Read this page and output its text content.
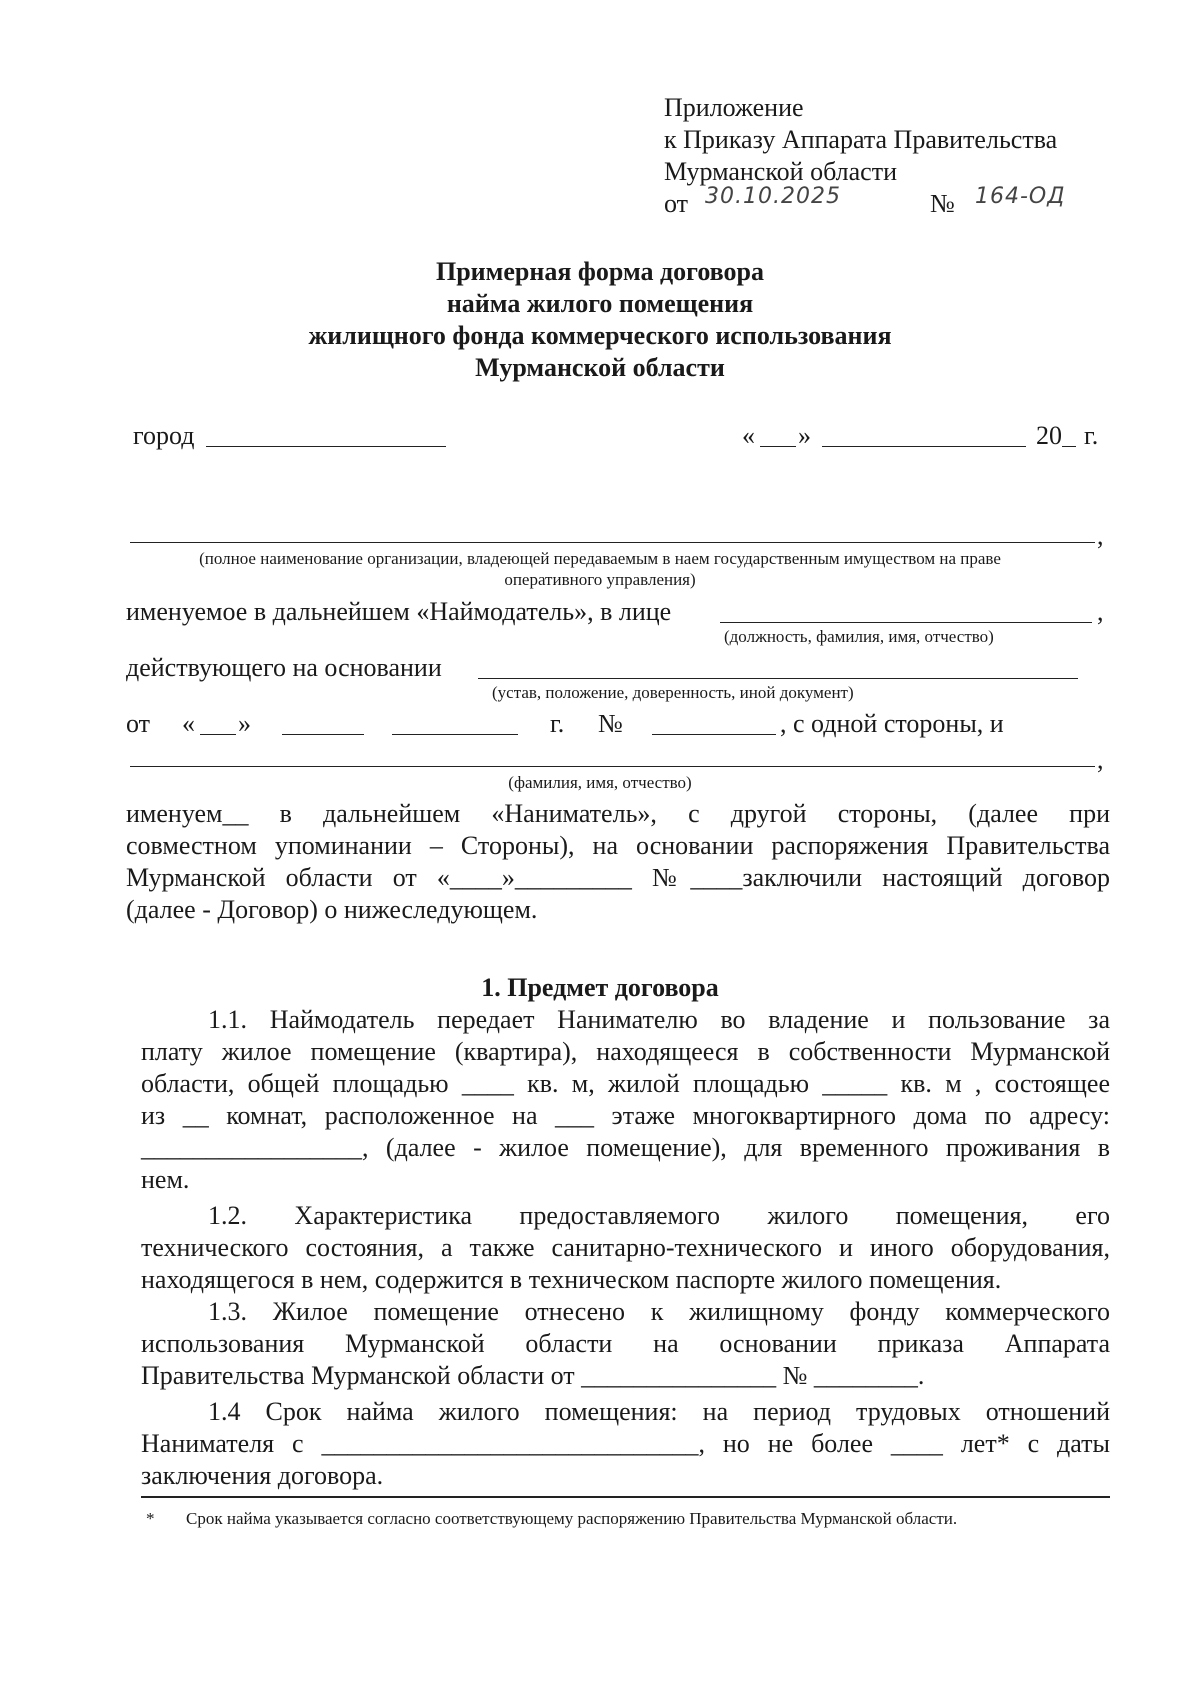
Приложение
к Приказу Аппарата Правительства
Мурманской области
от 30.10.2025	№ 164-ОД
Примерная форма договора
найма жилого помещения
жилищного фонда коммерческого использования
Мурманской области
город	« »	20 г.
,
(полное наименование организации, владеющей передаваемым в наем государственным имуществом на праве
оперативного управления)
именуемое в дальнейшем «Наймодатель», в лице	,
(должность, фамилия, имя, отчество)
действующего на основании
(устав, положение, доверенность, иной документ)
от « »	г. №	, с одной стороны, и
,
(фамилия, имя, отчество)
именуем__ в дальнейшем «Наниматель», с другой стороны, (далее при
совместном упоминании – Стороны), на основании распоряжения Правительства
Мурманской области от «____»_________ №____заключили настоящий договор
(далее - Договор) о нижеследующем.
1. Предмет договора
1.1. Наймодатель передает Нанимателю во владение и пользование за
плату жилое помещение (квартира), находящееся в собственности Мурманской
области, общей площадью ____ кв. м, жилой площадью _____ кв. м , состоящее
из __ комнат, расположенное на ___ этаже многоквартирного дома по адресу:
_________________, (далее - жилое помещение), для временного проживания в
нем.
1.2. Характеристика предоставляемого жилого помещения, его
технического состояния, а также санитарно-технического и иного оборудования,
находящегося в нем, содержится в техническом паспорте жилого помещения.
1.3. Жилое помещение отнесено к жилищному фонду коммерческого
использования Мурманской области на основании приказа Аппарата
Правительства Мурманской области от _______________ № ________.
1.4 Срок найма жилого помещения: на период трудовых отношений
Нанимателя с _____________________________, но не более ____ лет* с даты
заключения договора.
* Срок найма указывается согласно соответствующему распоряжению Правительства Мурманской области.
